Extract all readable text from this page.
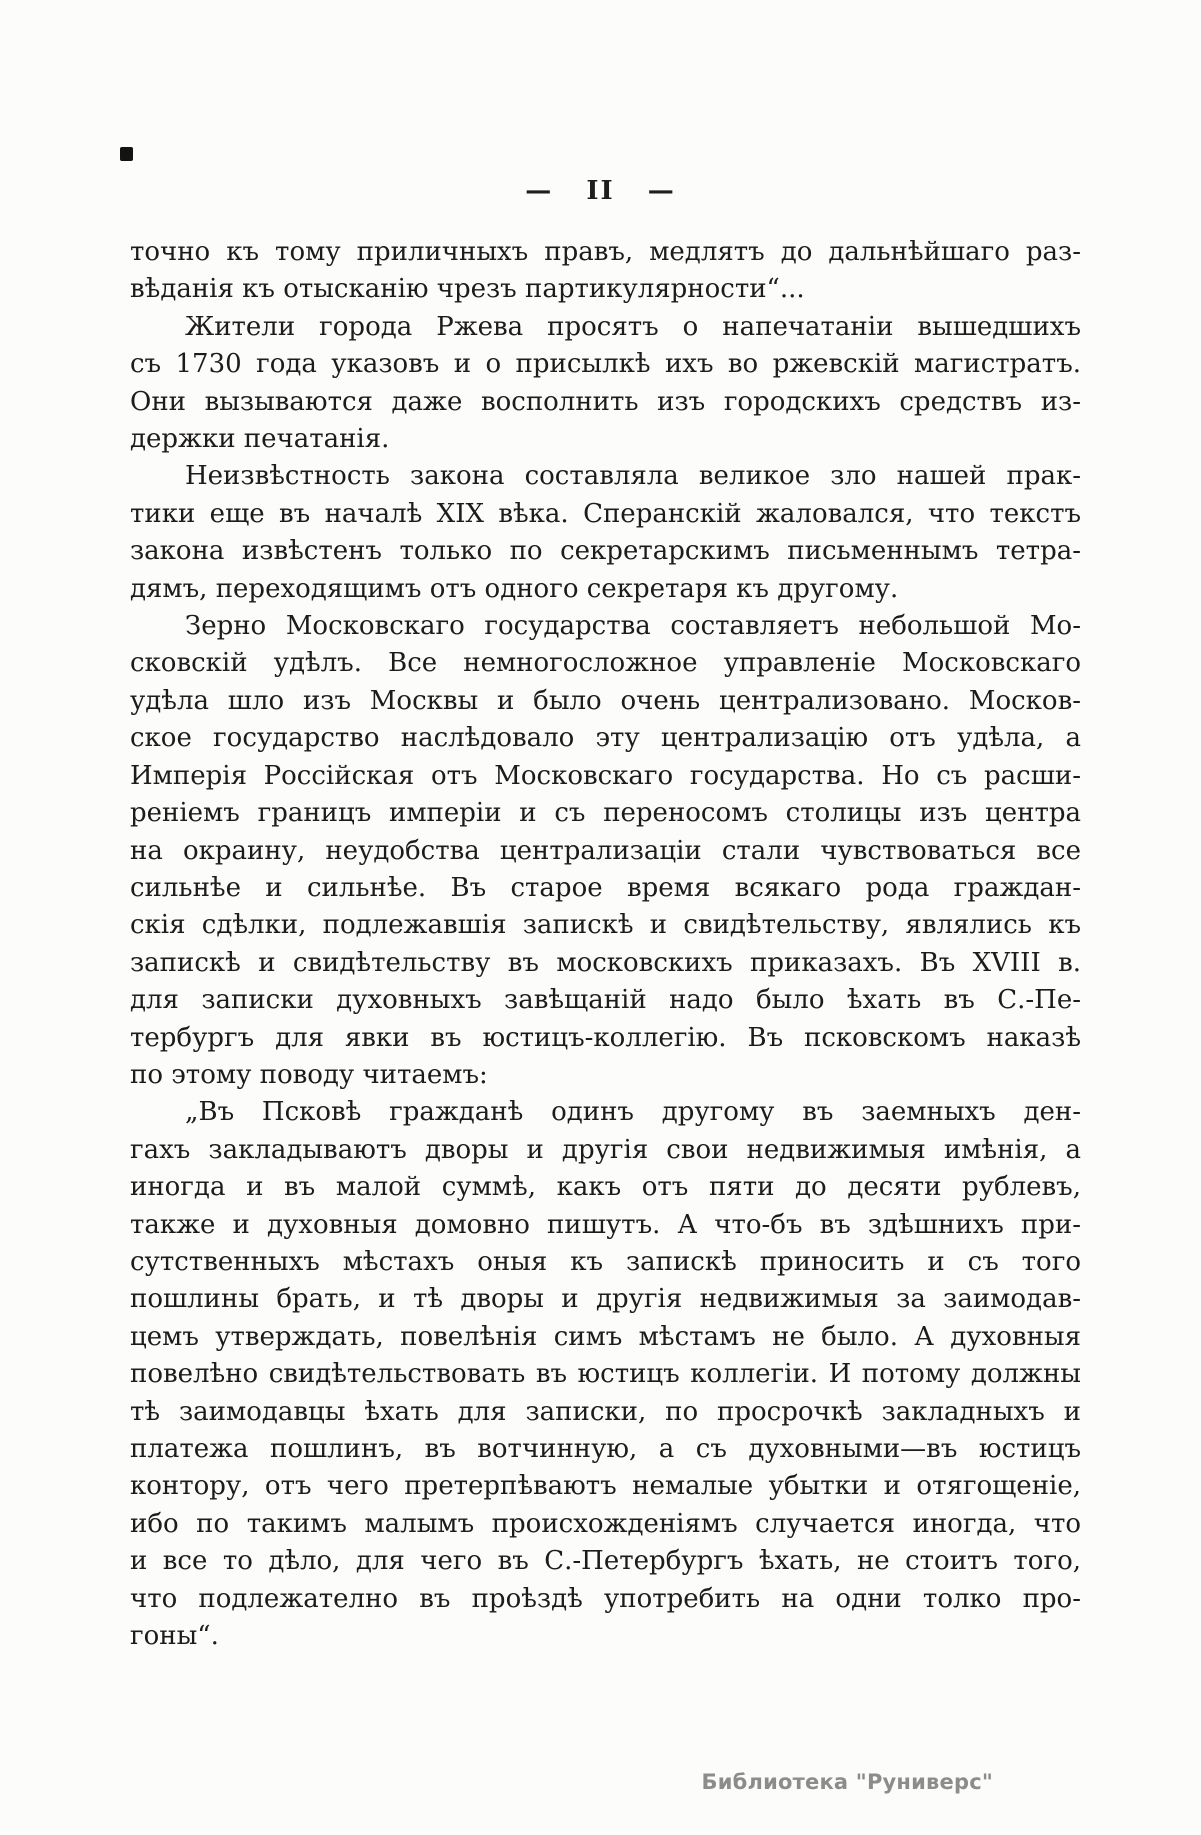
— II —
точно къ тому приличныхъ правъ, медлятъ до дальнѣйшаго раз-
вѣданія къ отысканію чрезъ партикулярности“...
Жители города Ржева просятъ о напечатаніи вышедшихъ
съ 1730 года указовъ и о присылкѣ ихъ во ржевскій магистратъ.
Они вызываются даже восполнить изъ городскихъ средствъ из-
держки печатанія.
Неизвѣстность закона составляла великое зло нашей прак-
тики еще въ началѣ XIX вѣка. Сперанскій жаловался, что текстъ
закона извѣстенъ только по секретарскимъ письменнымъ тетра-
дямъ, переходящимъ отъ одного секретаря къ другому.
Зерно Московскаго государства составляетъ небольшой Мо-
сковскій удѣлъ. Все немногосложное управленіе Московскаго
удѣла шло изъ Москвы и было очень централизовано. Москов-
ское государство наслѣдовало эту централизацію отъ удѣла, а
Имперія Россійская отъ Московскаго государства. Но съ расши-
реніемъ границъ имперіи и съ переносомъ столицы изъ центра
на окраину, неудобства централизаціи стали чувствоваться все
сильнѣе и сильнѣе. Въ старое время всякаго рода граждан-
скія сдѣлки, подлежавшія запискѣ и свидѣтельству, являлись къ
запискѣ и свидѣтельству въ московскихъ приказахъ. Въ XVIII в.
для записки духовныхъ завѣщаній надо было ѣхать въ С.-Пе-
тербургъ для явки въ юстицъ-коллегію. Въ псковскомъ наказѣ
по этому поводу читаемъ:
„Въ Псковѣ гражданѣ одинъ другому въ заемныхъ ден-
гахъ закладываютъ дворы и другія свои недвижимыя имѣнія, а
иногда и въ малой суммѣ, какъ отъ пяти до десяти рублевъ,
также и духовныя домовно пишутъ. А что-бъ въ здѣшнихъ при-
сутственныхъ мѣстахъ оныя къ запискѣ приносить и съ того
пошлины брать, и тѣ дворы и другія недвижимыя за заимодав-
цемъ утверждать, повелѣнія симъ мѣстамъ не было. А духовныя
повелѣно свидѣтельствовать въ юстицъ коллегіи. И потому должны
тѣ заимодавцы ѣхать для записки, по просрочкѣ закладныхъ и
платежа пошлинъ, въ вотчинную, а съ духовными—въ юстицъ
контору, отъ чего претерпѣваютъ немалые убытки и отягощеніе,
ибо по такимъ малымъ происхожденіямъ случается иногда, что
и все то дѣло, для чего въ С.-Петербургъ ѣхать, не стоитъ того,
что подлежателно въ проѣздѣ употребить на одни толко про-
гоны“.
Библиотека "Руниверс"
